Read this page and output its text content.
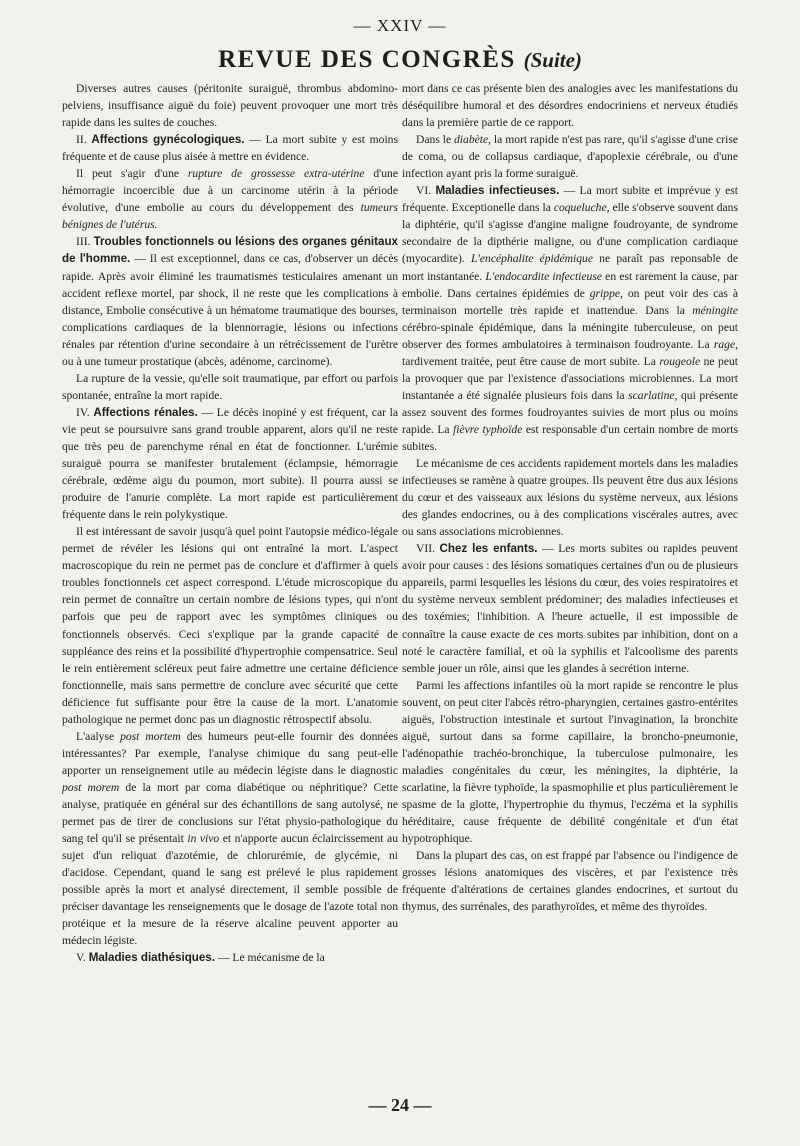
— XXIV —
REVUE DES CONGRÈS (Suite)

Diverses autres causes (péritonite suraiguë, thrombus abdomino-pelviens, insuffisance aiguë du foie) peuvent provoquer une mort très rapide dans les suites de couches.

II. Affections gynécologiques. — La mort subite y est moins fréquente et de cause plus aisée à mettre en évidence.

Il peut s'agir d'une rupture de grossesse extra-utérine d'une hémorragie incoercible due à un carcinome utérin à la période évolutive, d'une embolie au cours du développement des tumeurs bénignes de l'utérus.

III. Troubles fonctionnels ou lésions des organes génitaux de l'homme. — Il est exceptionnel, dans ce cas, d'observer un décès rapide. Après avoir éliminé les traumatismes testiculaires amenant un accident reflexe mortel, par shock, il ne reste que les complications à distance, Embolie consécutive à un hématome traumatique des bourses, complications cardiaques de la blennorragie, lésions ou infections rénales par rétention d'urine secondaire à un rétrécissement de l'urètre ou à une tumeur prostatique (abcès, adénome, carcinome).

La rupture de la vessie, qu'elle soit traumatique, par effort ou parfois spontanée, entraîne la mort rapide.

IV. Affections rénales. — Le décès inopiné y est fréquent, car la vie peut se poursuivre sans grand trouble apparent, alors qu'il ne reste que très peu de parenchyme rénal en état de fonctionner. L'urémie suraiguë pourra se manifester brutalement (éclampsie, hémorragie cérébrale, œdème aigu du poumon, mort subite). Il pourra aussi se produire de l'anurie complète. La mort rapide est particulièrement fréquente dans le rein polykystique.

Il est intéressant de savoir jusqu'à quel point l'autopsie médico-légale permet de révéler les lésions qui ont entraîné la mort. L'aspect macroscopique du rein ne permet pas de conclure et d'affirmer à quels troubles fonctionnels cet aspect correspond. L'étude microscopique du rein permet de connaître un certain nombre de lésions types, qui n'ont parfois que peu de rapport avec les symptômes cliniques ou fonctionnels observés. Ceci s'explique par la grande capacité de suppléance des reins et la possibilité d'hypertrophie compensatrice. Seul le rein entièrement scléreux peut faire admettre une certaine déficience fonctionnelle, mais sans permettre de conclure avec sécurité que cette déficience fut suffisante pour être la cause de la mort. L'anatomie pathologique ne permet donc pas un diagnostic rétrospectif absolu.

L'aalyse post mortem des humeurs peut-elle fournir des données intéressantes? Par exemple, l'analyse chimique du sang peut-elle apporter un renseignement utile au médecin légiste dans le diagnostic post morem de la mort par coma diabétique ou néphritique? Cette analyse, pratiquée en général sur des échantillons de sang autolysé, ne permet pas de tirer de conclusions sur l'état physio-pathologique du sang tel qu'il se présentait in vivo et n'apporte aucun éclaircissement au sujet d'un reliquat d'azotémie, de chlorurémie, de glycémie, ni d'acidose. Cependant, quand le sang est prélevé le plus rapidement possible après la mort et analysé directement, il semble possible de préciser davantage les renseignements que le dosage de l'azote total non protéique et la mesure de la réserve alcaline peuvent apporter au médecin légiste.

V. Maladies diathésiques. — Le mécanisme de la

mort dans ce cas présente bien des analogies avec les manifestations du déséquilibre humoral et des désordres endocriniens et nerveux étudiés dans la première partie de ce rapport.

Dans le diabète, la mort rapide n'est pas rare, qu'il s'agisse d'une crise de coma, ou de collapsus cardiaque, d'apoplexie cérébrale, ou d'une infection ayant pris la forme suraiguë.

VI. Maladies infectieuses. — La mort subite et imprévue y est fréquente. Exceptionelle dans la coqueluche, elle s'observe souvent dans la diphtérie, qu'il s'agisse d'angine maligne foudroyante, de syndrome secondaire de la dipthérie maligne, ou d'une complication cardiaque (myocardite). L'encéphalite épidémique ne paraît pas reponsable de mort instantanée. L'endocardite infectieuse en est rarement la cause, par embolie. Dans certaines épidémies de grippe, on peut voir des cas à terminaison mortelle très rapide et inattendue. Dans la méningite cérébro-spinale épidémique, dans la méningite tuberculeuse, on peut observer des formes ambulatoires à terminaison foudroyante. La rage, tardivement traitée, peut être cause de mort subite. La rougeole ne peut la provoquer que par l'existence d'associations microbiennes. La mort instantanée a été signalée plusieurs fois dans la scarlatine, qui présente assez souvent des formes foudroyantes suivies de mort plus ou moins rapide. La fièvre typhoïde est responsable d'un certain nombre de morts subites.

Le mécanisme de ces accidents rapidement mortels dans les maladies infectieuses se ramène à quatre groupes. Ils peuvent être dus aux lésions du cœur et des vaisseaux aux lésions du système nerveux, aux lésions des glandes endocrines, ou à des complications viscérales autres, avec ou sans associations microbiennes.

VII. Chez les enfants. — Les morts subites ou rapides peuvent avoir pour causes : des lésions somatiques certaines d'un ou de plusieurs appareils, parmi lesquelles les lésions du cœur, des voies respiratoires et du système nerveux semblent prédominer; des maladies infectieuses et des toxémies; l'inhibition. A l'heure actuelle, il est impossible de connaître la cause exacte de ces morts subites par inhibition, dont on a noté le caractère familial, et où la syphilis et l'alcoolisme des parents semble jouer un rôle, ainsi que les glandes à secrétion interne.

Parmi les affections infantiles où la mort rapide se rencontre le plus souvent, on peut citer l'abcès rétro-pharyngien, certaines gastro-entérites aiguës, l'obstruction intestinale et surtout l'invagination, la bronchite aiguë, surtout dans sa forme capillaire, la broncho-pneumonie, l'adénopathie trachéo-bronchique, la tuberculose pulmonaire, les maladies congénitales du cœur, les méningites, la diphtérie, la scarlatine, la fièvre typhoïde, la spasmophilie et plus particulièrement le spasme de la glotte, l'hypertrophie du thymus, l'eczéma et la syphilis héréditaire, cause fréquente de débilité congénitale et d'un état hypotrophique.

Dans la plupart des cas, on est frappé par l'absence ou l'indigence de grosses lésions anatomiques des viscères, et par l'existence très fréquente d'altérations de certaines glandes endocrines, et surtout du thymus, des surrénales, des parathyroïdes, et même des thyroïdes.

— 24 —
